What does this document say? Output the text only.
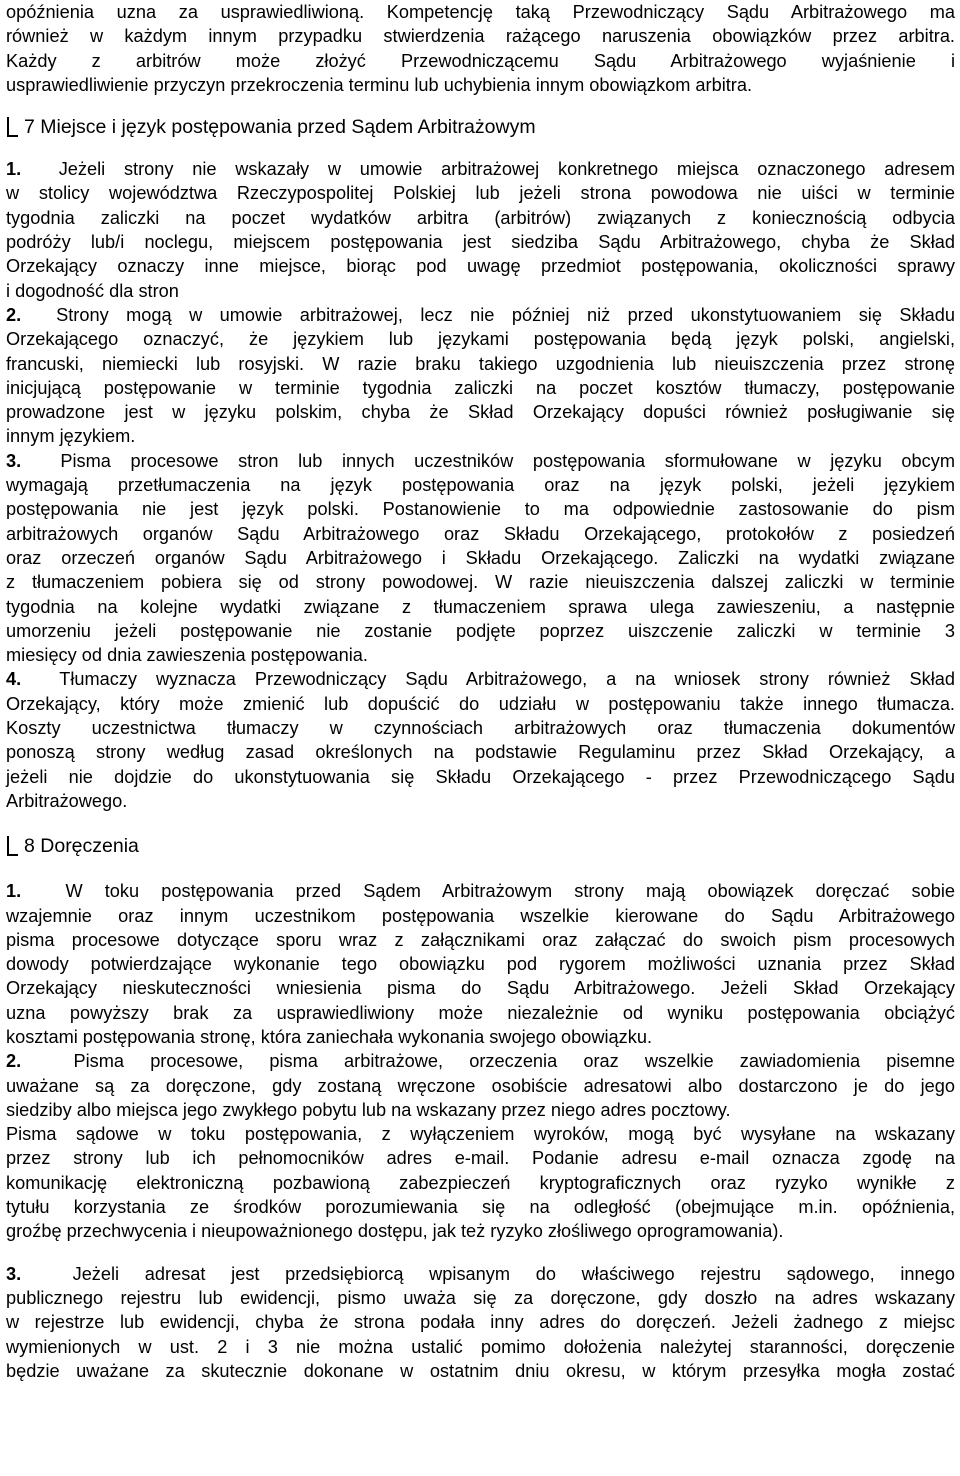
opóźnienia uzna za usprawiedliwioną. Kompetencję taką Przewodniczący Sądu Arbitrażowego ma
również w każdym innym przypadku stwierdzenia rażącego naruszenia obowiązków przez arbitra.
Każdy z arbitrów może złożyć Przewodniczącemu Sądu Arbitrażowego wyjaśnienie i
usprawiedliwienie przyczyn przekroczenia terminu lub uchybienia innym obowiązkom arbitra.
7 Miejsce i język postępowania przed Sądem Arbitrażowym
1. Jeżeli strony nie wskazały w umowie arbitrażowej konkretnego miejsca oznaczonego adresem
w stolicy województwa Rzeczypospolitej Polskiej lub jeżeli strona powodowa nie uiści w terminie
tygodnia zaliczki na poczet wydatków arbitra (arbitrów) związanych z koniecznością odbycia
podróży lub/i noclegu, miejscem postępowania jest siedziba Sądu Arbitrażowego, chyba że Skład
Orzekający oznaczy inne miejsce, biorąc pod uwagę przedmiot postępowania, okoliczności sprawy
i dogodność dla stron
2. Strony mogą w umowie arbitrażowej, lecz nie później niż przed ukonstytuowaniem się Składu
Orzekającego oznaczyć, że językiem lub językami postępowania będą język polski, angielski,
francuski, niemiecki lub rosyjski. W razie braku takiego uzgodnienia lub nieuiszczenia przez stronę
inicjującą postępowanie w terminie tygodnia zaliczki na poczet kosztów tłumaczy, postępowanie
prowadzone jest w języku polskim, chyba że Skład Orzekający dopuści również posługiwanie się
innym językiem.
3. Pisma procesowe stron lub innych uczestników postępowania sformułowane w języku obcym
wymagają przetłumaczenia na język postępowania oraz na język polski, jeżeli językiem
postępowania nie jest język polski. Postanowienie to ma odpowiednie zastosowanie do pism
arbitrażowych organów Sądu Arbitrażowego oraz Składu Orzekającego, protokołów z posiedzeń
oraz orzeczeń organów Sądu Arbitrażowego i Składu Orzekającego. Zaliczki na wydatki związane
z tłumaczeniem pobiera się od strony powodowej. W razie nieuiszczenia dalszej zaliczki w terminie
tygodnia na kolejne wydatki związane z tłumaczeniem sprawa ulega zawieszeniu, a następnie
umorzeniu jeżeli postępowanie nie zostanie podjęte poprzez uiszczenie zaliczki w terminie 3
miesięcy od dnia zawieszenia postępowania.
4. Tłumaczy wyznacza Przewodniczący Sądu Arbitrażowego, a na wniosek strony również Skład
Orzekający, który może zmienić lub dopuścić do udziału w postępowaniu także innego tłumacza.
Koszty uczestnictwa tłumaczy w czynnościach arbitrażowych oraz tłumaczenia dokumentów
ponoszą strony według zasad określonych na podstawie Regulaminu przez Skład Orzekający, a
jeżeli nie dojdzie do ukonstytuowania się Składu Orzekającego - przez Przewodniczącego Sądu
Arbitrażowego.
8 Doręczenia
1. W toku postępowania przed Sądem Arbitrażowym strony mają obowiązek doręczać sobie
wzajemnie oraz innym uczestnikom postępowania wszelkie kierowane do Sądu Arbitrażowego
pisma procesowe dotyczące sporu wraz z załącznikami oraz załączać do swoich pism procesowych
dowody potwierdzające wykonanie tego obowiązku pod rygorem możliwości uznania przez Skład
Orzekający nieskuteczności wniesienia pisma do Sądu Arbitrażowego. Jeżeli Skład Orzekający
uzna powyższy brak za usprawiedliwiony może niezależnie od wyniku postępowania obciążyć
kosztami postępowania stronę, która zaniechała wykonania swojego obowiązku.
2.	Pisma procesowe, pisma arbitrażowe, orzeczenia oraz wszelkie zawiadomienia pisemne
uważane są za doręczone, gdy zostaną wręczone osobiście adresatowi albo dostarczono je do jego
siedziby albo miejsca jego zwykłego pobytu lub na wskazany przez niego adres pocztowy.
Pisma sądowe w toku postępowania, z wyłączeniem wyroków, mogą być wysyłane na wskazany
przez strony lub ich pełnomocników adres e-mail. Podanie adresu e-mail oznacza zgodę na
komunikację elektroniczną pozbawioną zabezpieczeń kryptograficznych oraz ryzyko wynikłe z
tytułu korzystania ze środków porozumiewania się na odległość (obejmujące m.in. opóźnienia,
groźbę przechwycenia i nieupoważnionego dostępu, jak też ryzyko złośliwego oprogramowania).
3.	Jeżeli adresat jest przedsiębiorcą wpisanym do właściwego rejestru sądowego, innego
publicznego rejestru lub ewidencji, pismo uważa się za doręczone, gdy doszło na adres wskazany
w rejestrze lub ewidencji, chyba że strona podała inny adres do doręczeń. Jeżeli żadnego z miejsc
wymienionych w ust. 2 i 3 nie można ustalić pomimo dołożenia należytej staranności, doręczenie
będzie uważane za skutecznie dokonane w ostatnim dniu okresu, w którym przesyłka mogła zostać
